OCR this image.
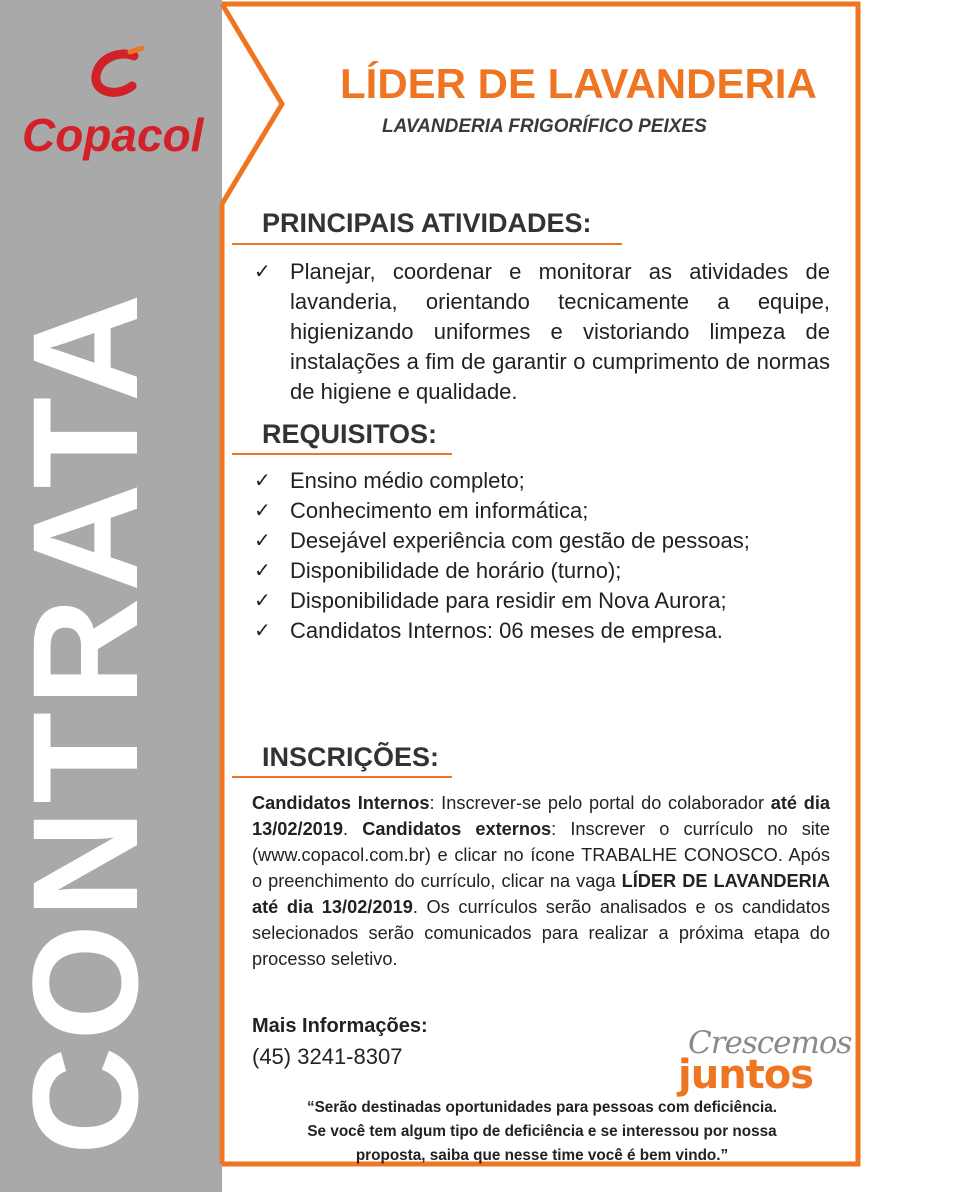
Copacol
CONTRATA
LÍDER DE LAVANDERIA
LAVANDERIA FRIGORÍFICO PEIXES
PRINCIPAIS ATIVIDADES:
✓ Planejar, coordenar e monitorar as atividades de lavanderia, orientando tecnicamente a equipe, higienizando uniformes e vistoriando limpeza de instalações a fim de garantir o cumprimento de normas de higiene e qualidade.
REQUISITOS:
✓ Ensino médio completo;
✓ Conhecimento em informática;
✓ Desejável experiência com gestão de pessoas;
✓ Disponibilidade de horário (turno);
✓ Disponibilidade para residir em Nova Aurora;
✓ Candidatos Internos: 06 meses de empresa.
INSCRIÇÕES:
Candidatos Internos: Inscrever-se pelo portal do colaborador até dia 13/02/2019. Candidatos externos: Inscrever o currículo no site (www.copacol.com.br) e clicar no ícone TRABALHE CONOSCO. Após o preenchimento do currículo, clicar na vaga LÍDER DE LAVANDERIA até dia 13/02/2019. Os currículos serão analisados e os candidatos selecionados serão comunicados para realizar a próxima etapa do processo seletivo.
Mais Informações:
(45) 3241-8307	Crescemos
juntos
“Serão destinadas oportunidades para pessoas com deficiência.
Se você tem algum tipo de deficiência e se interessou por nossa
proposta, saiba que nesse time você é bem vindo.”
